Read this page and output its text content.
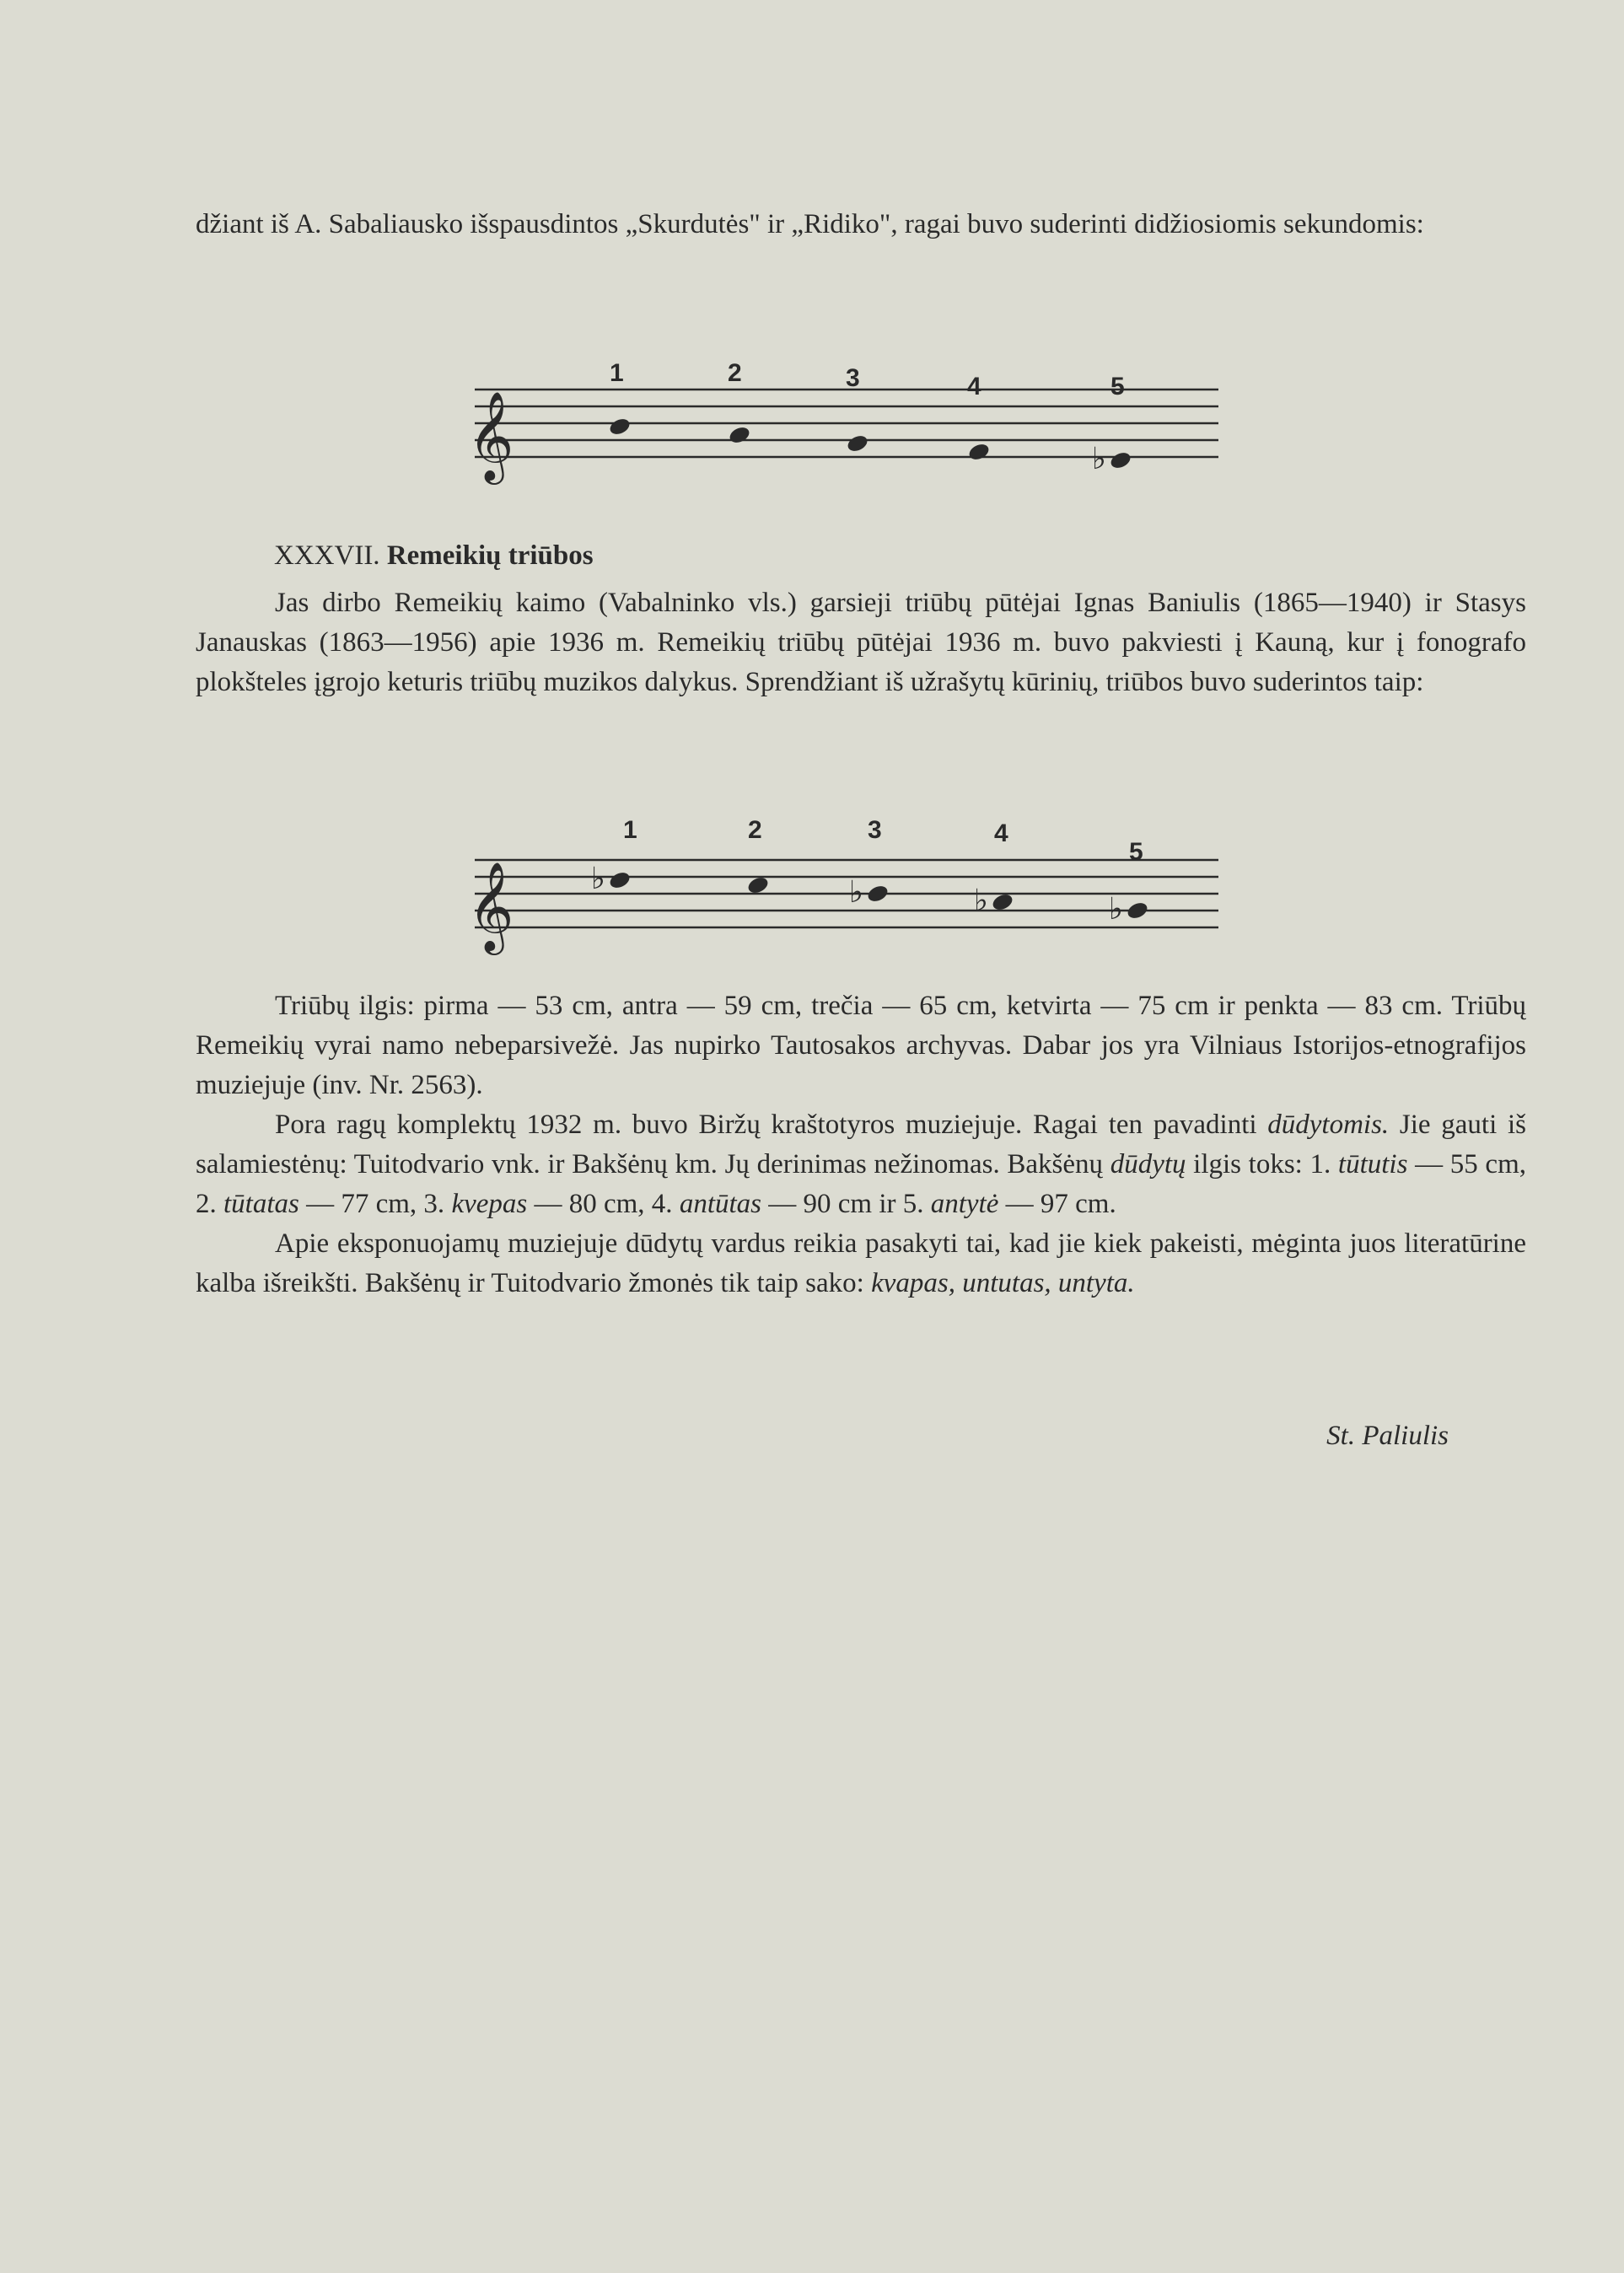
džiant iš A. Sabaliausko išspausdintos „Skurdutės" ir „Ridiko", ragai buvo suderinti didžiosiomis sekundomis:

𝄞
1	2	3	4	5
♭
XXXVII. Remeikių triūbos

Jas dirbo Remeikių kaimo (Vabalninko vls.) garsieji triūbų pūtėjai Ignas Baniulis (1865—1940) ir Stasys Janauskas (1863—1956) apie 1936 m. Remeikių triūbų pūtėjai 1936 m. buvo pakviesti į Kauną, kur į fonografo plokšteles įgrojo keturis triūbų muzikos dalykus. Sprendžiant iš užrašytų kūrinių, triūbos buvo suderintos taip:

𝄞
1
♭
2	3
♭
4
♭
5
♭

Triūbų ilgis: pirma — 53 cm, antra — 59 cm, trečia — 65 cm, ketvirta — 75 cm ir penkta — 83 cm. Triūbų Remeikių vyrai namo nebeparsivežė. Jas nupirko Tautosakos archyvas. Dabar jos yra Vilniaus Istorijos-etnografijos muziejuje (inv. Nr. 2563).

Pora ragų komplektų 1932 m. buvo Biržų kraštotyros muziejuje. Ragai ten pavadinti dūdytomis. Jie gauti iš salamiestėnų: Tuitodvario vnk. ir Bakšėnų km. Jų derinimas nežinomas. Bakšėnų dūdytų ilgis toks: 1. tūtutis — 55 cm, 2. tūtatas — 77 cm, 3. kvepas — 80 cm, 4. antūtas — 90 cm ir 5. antytė — 97 cm.

Apie eksponuojamų muziejuje dūdytų vardus reikia pasakyti tai, kad jie kiek pakeisti, mėginta juos literatūrine kalba išreikšti. Bakšėnų ir Tuitodvario žmonės tik taip sako: kvapas, untutas, untyta.

St. Paliulis
